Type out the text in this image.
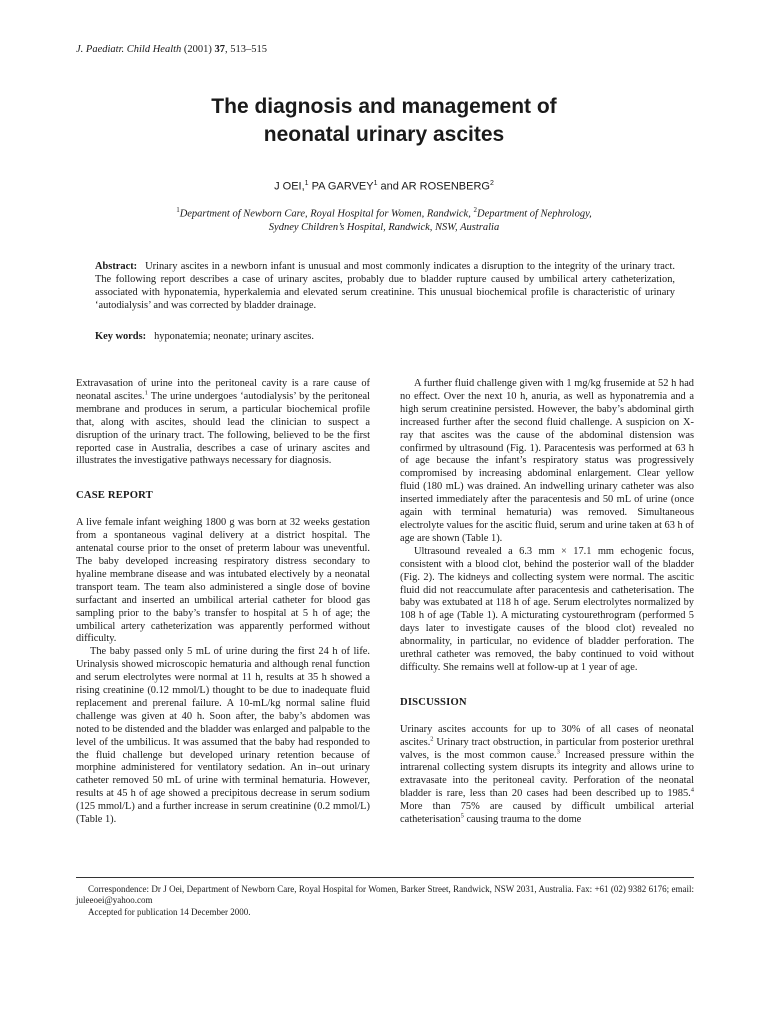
J. Paediatr. Child Health (2001) 37, 513–515
The diagnosis and management of
neonatal urinary ascites
J OEI,$^1$ PA GARVEY$^1$ and AR ROSENBERG$^2$
$^1$Department of Newborn Care, Royal Hospital for Women, Randwick, $^2$Department of Nephrology,
Sydney Children’s Hospital, Randwick, NSW, Australia
Abstract: Urinary ascites in a newborn infant is unusual and most commonly indicates a disruption to the integrity of the urinary tract. The following report describes a case of urinary ascites, probably due to bladder rupture caused by umbilical artery catheterization, associated with hyponatemia, hyperkalemia and elevated serum creatinine. This unusual biochemical profile is characteristic of urinary ‘autodialysis’ and was corrected by bladder drainage.
Key words: hyponatemia; neonate; urinary ascites.

Extravasation of urine into the peritoneal cavity is a rare cause of neonatal ascites.$^1$ The urine undergoes ‘autodialysis’ by the peritoneal membrane and produces in serum, a particular biochemical profile that, along with ascites, should lead the clinician to suspect a disruption of the urinary tract. The following, believed to be the first reported case in Australia, describes a case of urinary ascites and illustrates the investigative pathways necessary for diagnosis.

CASE REPORT

A live female infant weighing 1800 g was born at 32 weeks gestation from a spontaneous vaginal delivery at a district hospital. The antenatal course prior to the onset of preterm labour was uneventful. The baby developed increasing respiratory distress secondary to hyaline membrane disease and was intubated electively by a neonatal transport team. The team also administered a single dose of bovine surfactant and inserted an umbilical arterial catheter for blood gas sampling prior to the baby’s transfer to hospital at 5 h of age; the umbilical artery catheterization was apparently performed without difficulty.

The baby passed only 5 mL of urine during the first 24 h of life. Urinalysis showed microscopic hematuria and although renal function and serum electrolytes were normal at 11 h, results at 35 h showed a rising creatinine (0.12 mmol/L) thought to be due to inadequate fluid replacement and prerenal failure. A 10-mL/kg normal saline fluid challenge was given at 40 h. Soon after, the baby’s abdomen was noted to be distended and the bladder was enlarged and palpable to the level of the umbilicus. It was assumed that the baby had responded to the fluid challenge but developed urinary retention because of morphine administered for ventilatory sedation. An in–out urinary catheter removed 50 mL of urine with terminal hematuria. However, results at 45 h of age showed a precipitous decrease in serum sodium (125 mmol/L) and a further increase in serum creatinine (0.2 mmol/L) (Table 1).

A further fluid challenge given with 1 mg/kg frusemide at 52 h had no effect. Over the next 10 h, anuria, as well as hyponatremia and a high serum creatinine persisted. However, the baby’s abdominal girth increased further after the second fluid challenge. A suspicion on X-ray that ascites was the cause of the abdominal distension was confirmed by ultrasound (Fig. 1). Paracentesis was performed at 63 h of age because the infant’s respiratory status was progressively compromised by increasing abdominal enlargement. Clear yellow fluid (180 mL) was drained. An indwelling urinary catheter was also inserted immediately after the paracentesis and 50 mL of urine (once again with terminal hematuria) was removed. Simultaneous electrolyte values for the ascitic fluid, serum and urine taken at 63 h of age are shown (Table 1).

Ultrasound revealed a 6.3 mm × 17.1 mm echogenic focus, consistent with a blood clot, behind the posterior wall of the bladder (Fig. 2). The kidneys and collecting system were normal. The ascitic fluid did not reaccumulate after paracentesis and catheterisation. The baby was extubated at 118 h of age. Serum electrolytes normalized by 108 h of age (Table 1). A micturating cystourethrogram (performed 5 days later to investigate causes of the blood clot) revealed no abnormality, in particular, no evidence of bladder perforation. The urethral catheter was removed, the baby continued to void without difficulty. She remains well at follow-up at 1 year of age.

DISCUSSION

Urinary ascites accounts for up to 30% of all cases of neonatal ascites.$^2$ Urinary tract obstruction, in particular from posterior urethral valves, is the most common cause.$^3$ Increased pressure within the intrarenal collecting system disrupts its integrity and allows urine to extravasate into the peritoneal cavity. Perforation of the neonatal bladder is rare, less than 20 cases had been described up to 1985.$^4$ More than 75% are caused by difficult umbilical arterial catheterisation$^5$ causing trauma to the dome

Correspondence: Dr J Oei, Department of Newborn Care, Royal Hospital for Women, Barker Street, Randwick, NSW 2031, Australia. Fax: +61 (02) 9382 6176; email: juleeoei@yahoo.com
Accepted for publication 14 December 2000.
